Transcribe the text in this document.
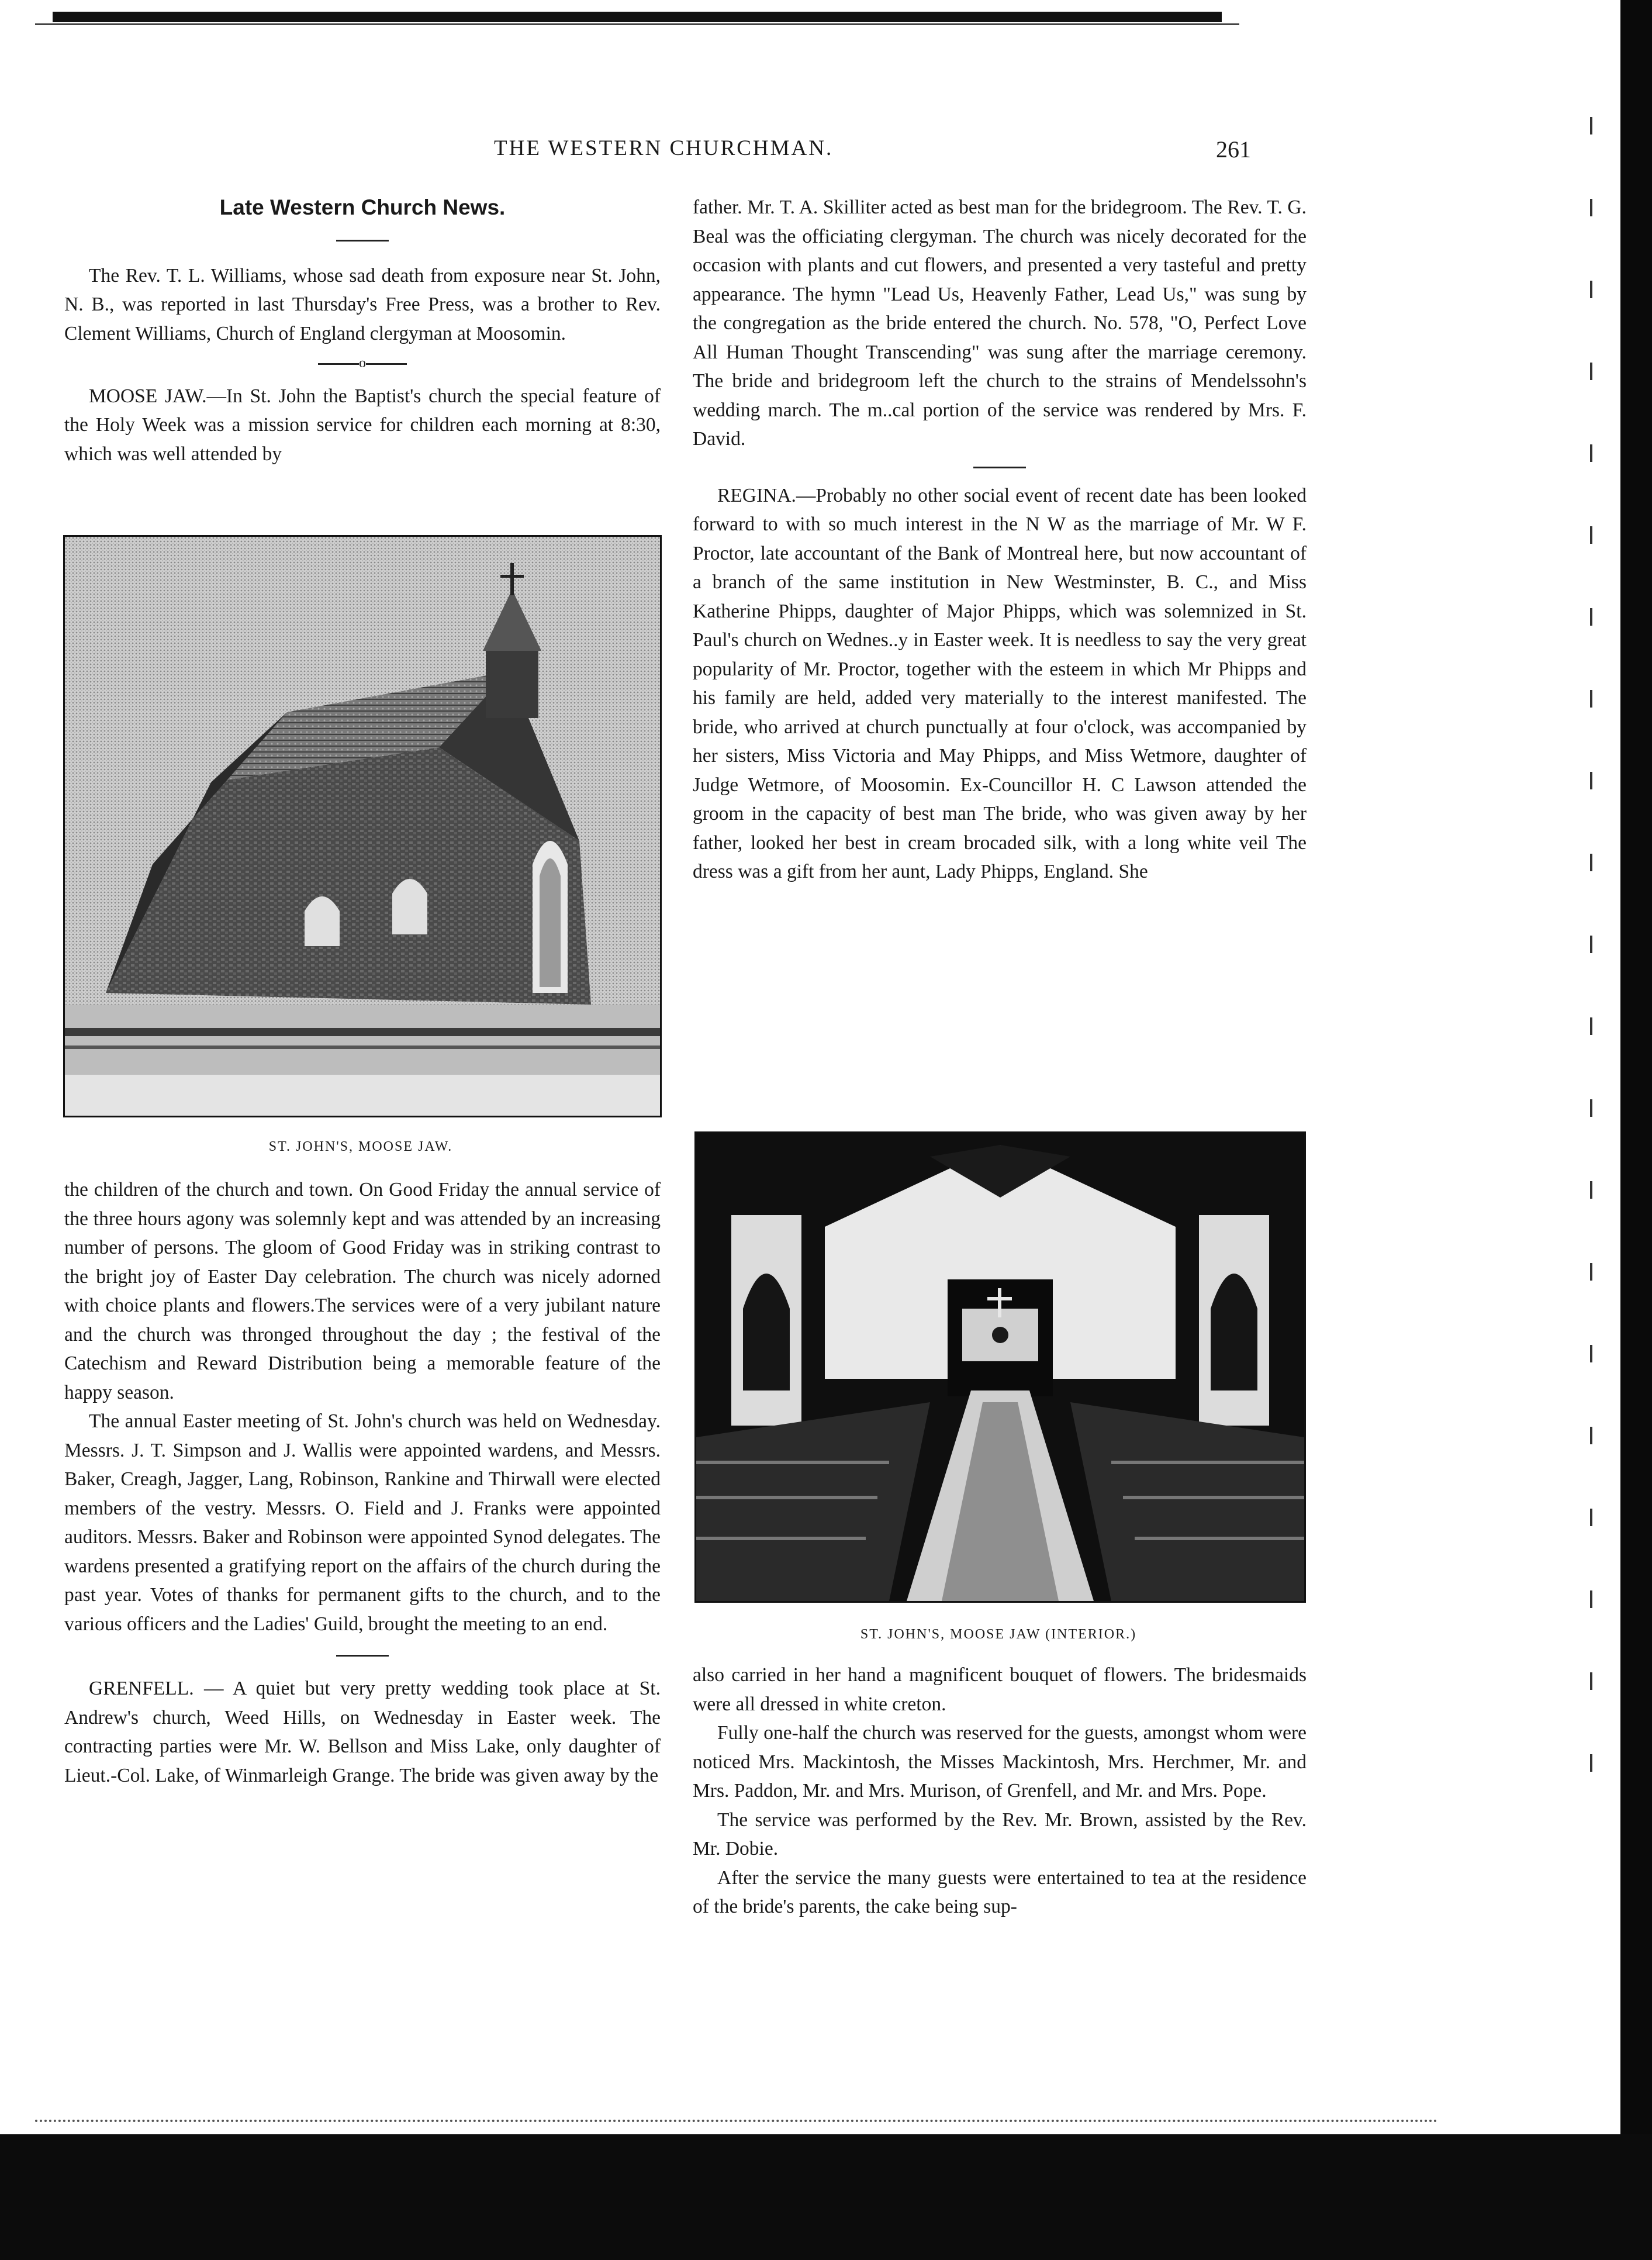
THE WESTERN CHURCHMAN.	261
Late Western Church News.

The Rev. T. L. Williams, whose sad death from exposure near St. John, N. B., was reported in last Thursday's Free Press, was a brother to Rev. Clement Williams, Church of England clergyman at Moosomin.

o

MOOSE JAW.—In St. John the Baptist's church the special feature of the Holy Week was a mission service for children each morning at 8:30, which was well attended by

ST. JOHN'S, MOOSE JAW.

the children of the church and town. On Good Friday the annual service of the three hours agony was solemnly kept and was attended by an increasing number of persons. The gloom of Good Friday was in striking contrast to the bright joy of Easter Day celebration. The church was nicely adorned with choice plants and flowers.The services were of a very jubilant nature and the church was thronged throughout the day ; the festival of the Catechism and Reward Distribution being a memorable feature of the happy season.

The annual Easter meeting of St. John's church was held on Wednesday. Messrs. J. T. Simpson and J. Wallis were appointed wardens, and Messrs. Baker, Creagh, Jagger, Lang, Robinson, Rankine and Thirwall were elected members of the vestry. Messrs. O. Field and J. Franks were appointed auditors. Messrs. Baker and Robinson were appointed Synod delegates. The wardens presented a gratifying report on the affairs of the church during the past year. Votes of thanks for permanent gifts to the church, and to the various officers and the Ladies' Guild, brought the meeting to an end.

GRENFELL. — A quiet but very pretty wedding took place at St. Andrew's church, Weed Hills, on Wednesday in Easter week. The contracting parties were Mr. W. Bellson and Miss Lake, only daughter of Lieut.-Col. Lake, of Winmarleigh Grange. The bride was given away by the

father. Mr. T. A. Skilliter acted as best man for the bridegroom. The Rev. T. G. Beal was the officiating clergyman. The church was nicely decorated for the occasion with plants and cut flowers, and presented a very tasteful and pretty appearance. The hymn "Lead Us, Heavenly Father, Lead Us," was sung by the congregation as the bride entered the church. No. 578, "O, Perfect Love All Human Thought Transcending" was sung after the marriage ceremony. The bride and bridegroom left the church to the strains of Mendelssohn's wedding march. The m..cal portion of the service was rendered by Mrs. F. David.

REGINA.—Probably no other social event of recent date has been looked forward to with so much interest in the N W as the marriage of Mr. W F. Proctor, late accountant of the Bank of Montreal here, but now accountant of a branch of the same institution in New Westminster, B. C., and Miss Katherine Phipps, daughter of Major Phipps, which was solemnized in St. Paul's church on Wednes..y in Easter week. It is needless to say the very great popularity of Mr. Proctor, together with the esteem in which Mr Phipps and his family are held, added very materially to the interest manifested. The bride, who arrived at church punctually at four o'clock, was accompanied by her sisters, Miss Victoria and May Phipps, and Miss Wetmore, daughter of Judge Wetmore, of Moosomin. Ex-Councillor H. C Lawson attended the groom in the capacity of best man The bride, who was given away by her father, looked her best in cream brocaded silk, with a long white veil The dress was a gift from her aunt, Lady Phipps, England. She

ST. JOHN'S, MOOSE JAW (INTERIOR.)

also carried in her hand a magnificent bouquet of flowers. The bridesmaids were all dressed in white creton.

Fully one-half the church was reserved for the guests, amongst whom were noticed Mrs. Mackintosh, the Misses Mackintosh, Mrs. Herchmer, Mr. and Mrs. Paddon, Mr. and Mrs. Murison, of Grenfell, and Mr. and Mrs. Pope.

The service was performed by the Rev. Mr. Brown, assisted by the Rev. Mr. Dobie.

After the service the many guests were entertained to tea at the residence of the bride's parents, the cake being sup-
